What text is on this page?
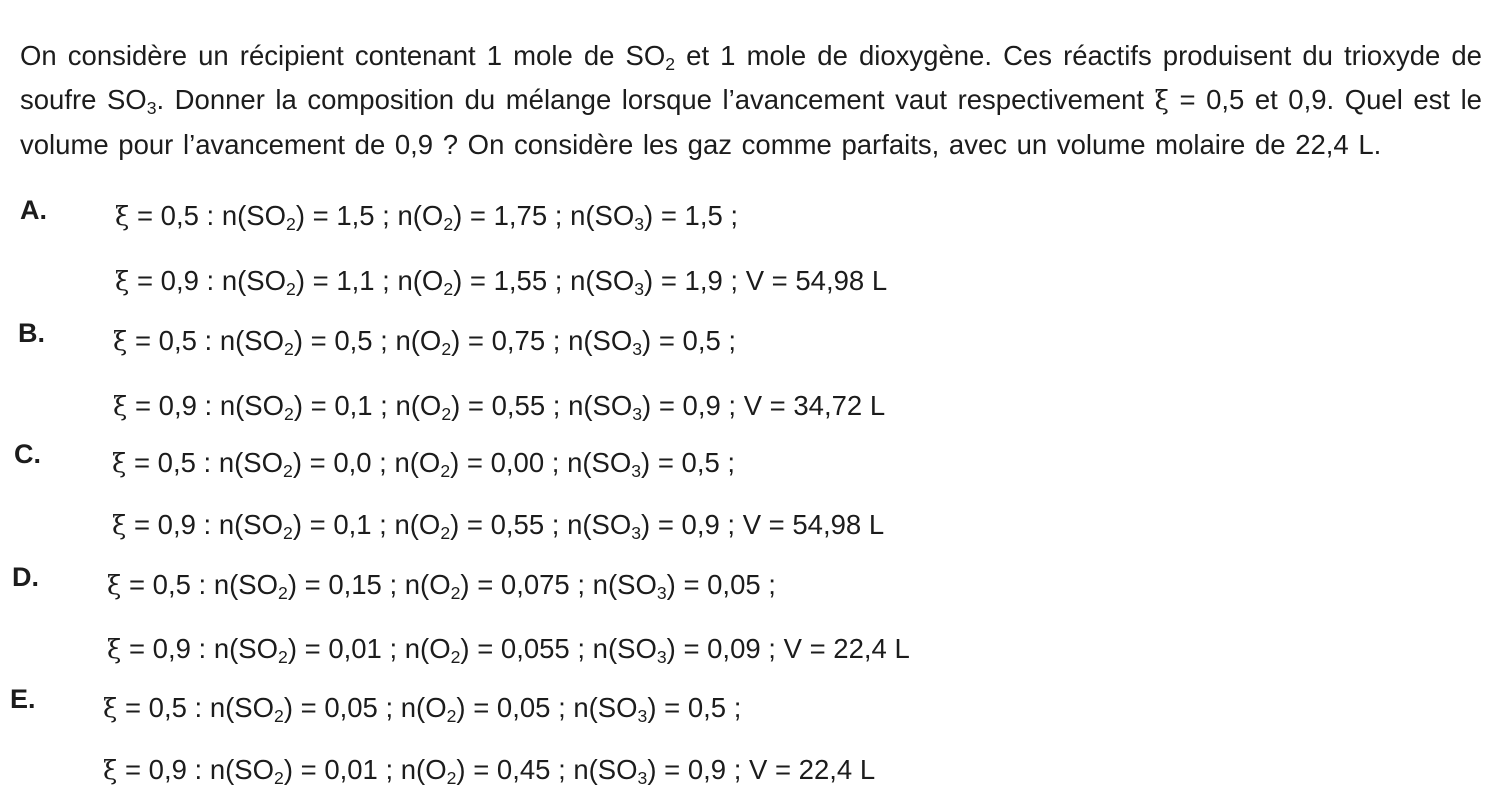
On considère un récipient contenant 1 mole de $SO_2$ et 1 mole de dioxygène. Ces réactifs produisent du trioxyde de soufre $SO_3$. Donner la composition du mélange lorsque l’avancement vaut respectivement ξ = 0,5 et 0,9. Quel est le volume pour l’avancement de 0,9 ? On considère les gaz comme parfaits, avec un volume molaire de 22,4 L.

A.	ξ = 0,5 : $n(SO_2) = 1,5$ ; $n(O_2) = 1,75$ ; $n(SO_3) = 1,5$ ;
ξ = 0,9 : $n(SO_2) = 1,1$ ; $n(O_2) = 1,55$ ; $n(SO_3) = 1,9$ ; V = 54,98 L
B.	ξ = 0,5 : $n(SO_2) = 0,5$ ; $n(O_2) = 0,75$ ; $n(SO_3) = 0,5$ ;
ξ = 0,9 : $n(SO_2) = 0,1$ ; $n(O_2) = 0,55$ ; $n(SO_3) = 0,9$ ; V = 34,72 L
C.	ξ = 0,5 : $n(SO_2) = 0,0$ ; $n(O_2) = 0,00$ ; $n(SO_3) = 0,5$ ;
ξ = 0,9 : $n(SO_2) = 0,1$ ; $n(O_2) = 0,55$ ; $n(SO_3) = 0,9$ ; V = 54,98 L
D.	ξ = 0,5 : $n(SO_2) = 0,15$ ; $n(O_2) = 0,075$ ; $n(SO_3) = 0,05$ ;
ξ = 0,9 : $n(SO_2) = 0,01$ ; $n(O_2) = 0,055$ ; $n(SO_3) = 0,09$ ; V = 22,4 L
E.	ξ = 0,5 : $n(SO_2) = 0,05$ ; $n(O_2) = 0,05$ ; $n(SO_3) = 0,5$ ;
ξ = 0,9 : $n(SO_2) = 0,01$ ; $n(O_2) = 0,45$ ; $n(SO_3) = 0,9$ ; V = 22,4 L
